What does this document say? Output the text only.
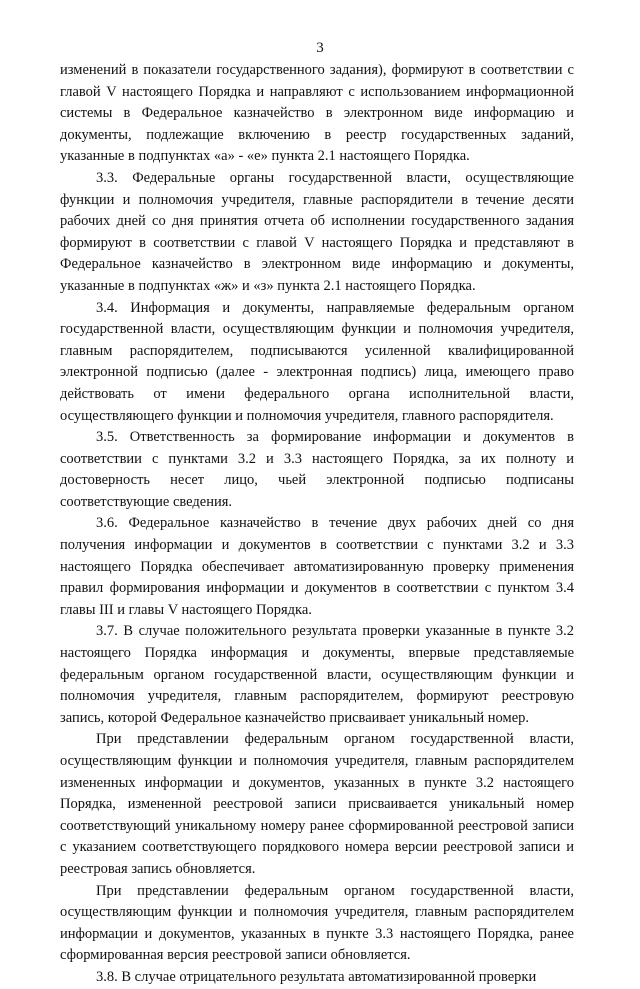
3

изменений в показатели государственного задания), формируют в соответствии с главой V настоящего Порядка и направляют с использованием информационной системы в Федеральное казначейство в электронном виде информацию и документы, подлежащие включению в реестр государственных заданий, указанные в подпунктах «а» - «е» пункта 2.1 настоящего Порядка.

3.3. Федеральные органы государственной власти, осуществляющие функции и полномочия учредителя, главные распорядители в течение десяти рабочих дней со дня принятия отчета об исполнении государственного задания формируют в соответствии с главой V настоящего Порядка и представляют в Федеральное казначейство в электронном виде информацию и документы, указанные в подпунктах «ж» и «з» пункта 2.1 настоящего Порядка.

3.4. Информация и документы, направляемые федеральным органом государственной власти, осуществляющим функции и полномочия учредителя, главным распорядителем, подписываются усиленной квалифицированной электронной подписью (далее - электронная подпись) лица, имеющего право действовать от имени федерального органа исполнительной власти, осуществляющего функции и полномочия учредителя, главного распорядителя.

3.5. Ответственность за формирование информации и документов в соответствии с пунктами 3.2 и 3.3 настоящего Порядка, за их полноту и достоверность несет лицо, чьей электронной подписью подписаны соответствующие сведения.

3.6. Федеральное казначейство в течение двух рабочих дней со дня получения информации и документов в соответствии с пунктами 3.2 и 3.3 настоящего Порядка обеспечивает автоматизированную проверку применения правил формирования информации и документов в соответствии с пунктом 3.4 главы III и главы V настоящего Порядка.

3.7. В случае положительного результата проверки указанные в пункте 3.2 настоящего Порядка информация и документы, впервые представляемые федеральным органом государственной власти, осуществляющим функции и полномочия учредителя, главным распорядителем, формируют реестровую запись, которой Федеральное казначейство присваивает уникальный номер.

При представлении федеральным органом государственной власти, осуществляющим функции и полномочия учредителя, главным распорядителем измененных информации и документов, указанных в пункте 3.2 настоящего Порядка, измененной реестровой записи присваивается уникальный номер соответствующий уникальному номеру ранее сформированной реестровой записи с указанием соответствующего порядкового номера версии реестровой записи и реестровая запись обновляется.

При представлении федеральным органом государственной власти, осуществляющим функции и полномочия учредителя, главным распорядителем информации и документов, указанных в пункте 3.3 настоящего Порядка, ранее сформированная версия реестровой записи обновляется.

3.8. В случае отрицательного результата автоматизированной проверки
